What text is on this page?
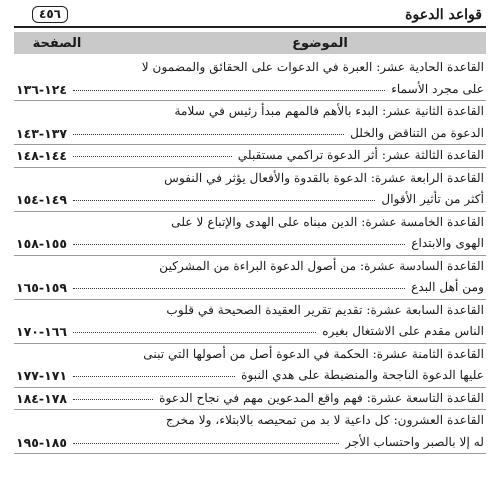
قواعد الدعوة
٤٥٦
الموضوع
الصفحة
القاعدة الحادية عشر: العبرة في الدعوات على الحقائق والمضمون لا
على مجرد الأسماء
١٢٤-١٣٦
القاعدة الثانية عشر: البدء بالأهم فالمهم مبدأ رئيس في سلامة
الدعوة من التناقض والخلل
١٣٧-١٤٣
القاعدة الثالثة عشر: أثر الدعوة تراكمي مستقبلي
١٤٤-١٤٨
القاعدة الرابعة عشرة: الدعوة بالقدوة والأفعال يؤثر في النفوس
أكثر من تأثير الأقوال
١٤٩-١٥٤
القاعدة الخامسة عشرة: الدين مبناه على الهدى والإتباع لا على
الهوى والابتداع
١٥٥-١٥٨
القاعدة السادسة عشرة: من أصول الدعوة البراءة من المشركين
ومن أهل البدع
١٥٩-١٦٥
القاعدة السابعة عشرة: تقديم تقرير العقيدة الصحيحة في قلوب
الناس مقدم على الاشتغال بغيره
١٦٦-١٧٠
القاعدة الثامنة عشرة: الحكمة في الدعوة أصل من أصولها التي تبنى
عليها الدعوة الناجحة والمنضبطة على هدي النبوة
١٧١-١٧٧
القاعدة التاسعة عشرة: فهم واقع المدعوين مهم في نجاح الدعوة
١٧٨-١٨٤
القاعدة العشرون: كل داعية لا بد من تمحيصه بالابتلاء، ولا مخرج
له إلا بالصبر واحتساب الأجر
١٨٥-١٩٥
